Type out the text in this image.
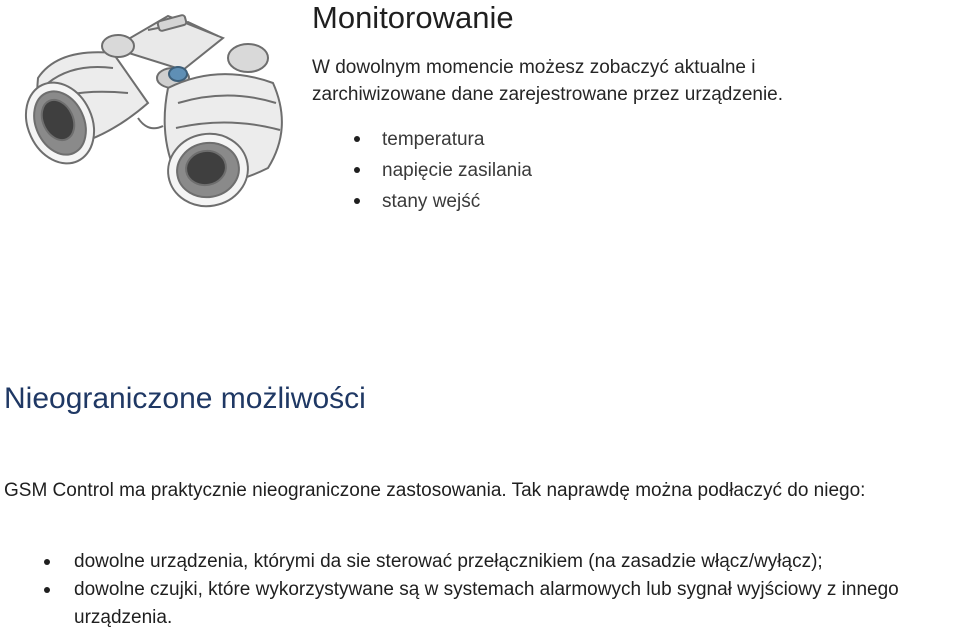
Monitorowanie
W dowolnym momencie możesz zobaczyć aktualne i zarchiwizowane dane zarejestrowane przez urządzenie.
temperatura
napięcie zasilania
stany wejść
Nieograniczone możliwości
GSM Control ma praktycznie nieograniczone zastosowania. Tak naprawdę można podłaczyć do niego:
dowolne urządzenia, którymi da sie sterować przełącznikiem (na zasadzie włącz/wyłącz);
dowolne czujki, które wykorzystywane są w systemach alarmowych lub sygnał wyjściowy z innego urządzenia.
